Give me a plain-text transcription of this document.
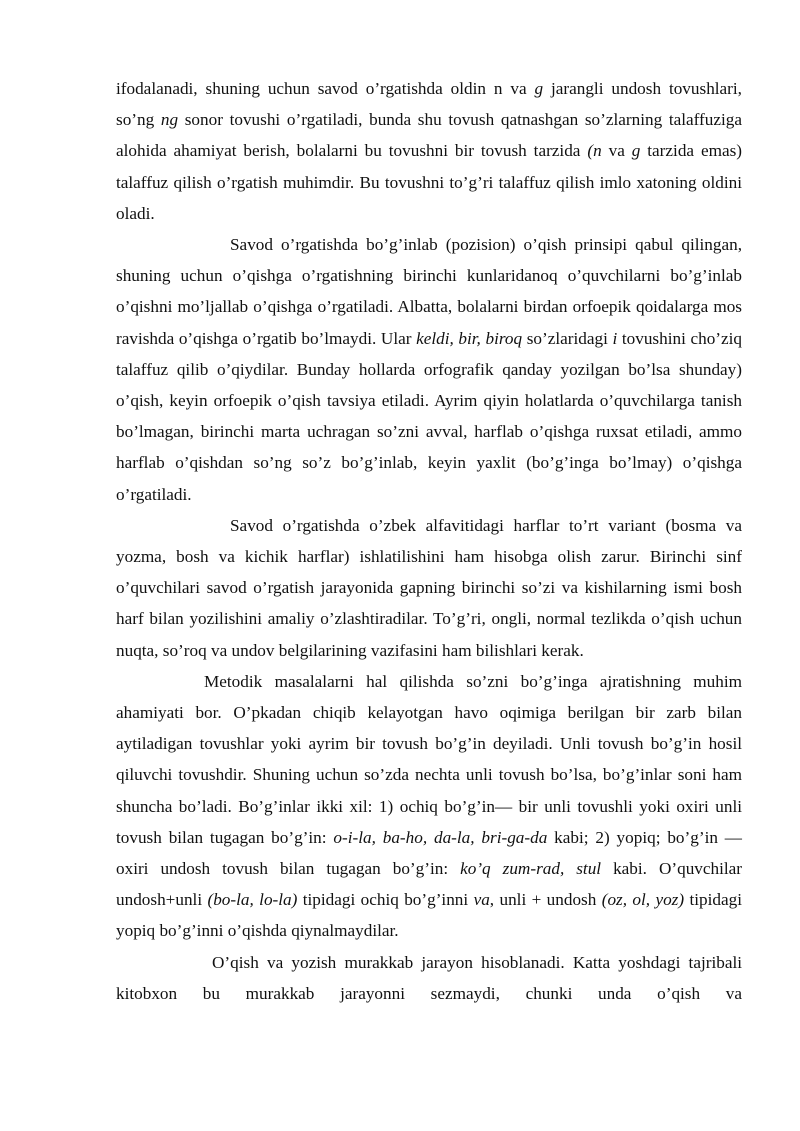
ifodalanadi, shuning uchun savod o’rgatishda oldin n va g jarangli undosh tovushlari, so’ng ng sonor tovushi o’rgatiladi, bunda shu tovush qatnashgan so’zlarning talaffuziga alohida ahamiyat berish, bolalarni bu tovushni bir tovush tarzida (n va g tarzida emas) talaffuz qilish o’rgatish muhimdir. Bu tovushni to’g’ri talaffuz qilish imlo xatoning oldini oladi.

Savod o’rgatishda bo’g’inlab (pozision) o’qish prinsipi qabul qilingan, shuning uchun o’qishga o’rgatishning birinchi kunlaridanoq o’quvchilarni bo’g’inlab o’qishni mo’ljallab o’qishga o’rgatiladi. Albatta, bolalarni birdan orfoepik qoidalarga mos ravishda o’qishga o’rgatib bo’lmaydi. Ular keldi, bir, biroq so’zlaridagi i tovushini cho’ziq talaffuz qilib o’qiydilar. Bunday hollarda orfografik qanday yozilgan bo’lsa shunday) o’qish, keyin orfoepik o’qish tavsiya etiladi. Ayrim qiyin holatlarda o’quvchilarga tanish bo’lmagan, birinchi marta uchragan so’zni avval, harflab o’qishga ruxsat etiladi, ammo harflab o’qishdan so’ng so’z bo’g’inlab, keyin yaxlit (bo’g’inga bo’lmay) o’qishga o’rgatiladi.

Savod o’rgatishda o’zbek alfavitidagi harflar to’rt variant (bosma va yozma, bosh va kichik harflar) ishlatilishini ham hisobga olish zarur. Birinchi sinf o’quvchilari savod o’rgatish jarayonida gapning birinchi so’zi va kishilarning ismi bosh harf bilan yozilishini amaliy o’zlashtiradilar. To’g’ri, ongli, normal tezlikda o’qish uchun nuqta, so’roq va undov belgilarining vazifasini ham bilishlari kerak.

Metodik masalalarni hal qilishda so’zni bo’g’inga ajratishning muhim ahamiyati bor. O’pkadan chiqib kelayotgan havo oqimiga berilgan bir zarb bilan aytiladigan tovushlar yoki ayrim bir tovush bo’g’in deyiladi. Unli tovush bo’g’in hosil qiluvchi tovushdir. Shuning uchun so’zda nechta unli tovush bo’lsa, bo’g’inlar soni ham shuncha bo’ladi. Bo’g’inlar ikki xil: 1) ochiq bo’g’in— bir unli tovushli yoki oxiri unli tovush bilan tugagan bo’g’in: o-i-la, ba-ho, da-la, bri-ga-da kabi; 2) yopiq; bo’g’in — oxiri undosh tovush bilan tugagan bo’g’in: ko’q zum-rad, stul kabi. O’quvchilar undosh+unli (bo-la, lo-la) tipidagi ochiq bo’g’inni va, unli + undosh (oz, ol, yoz) tipidagi yopiq bo’g’inni o’qishda qiynalmaydilar.

O’qish va yozish murakkab jarayon hisoblanadi. Katta yoshdagi tajribali kitobxon bu murakkab jarayonni sezmaydi, chunki unda o’qish va
